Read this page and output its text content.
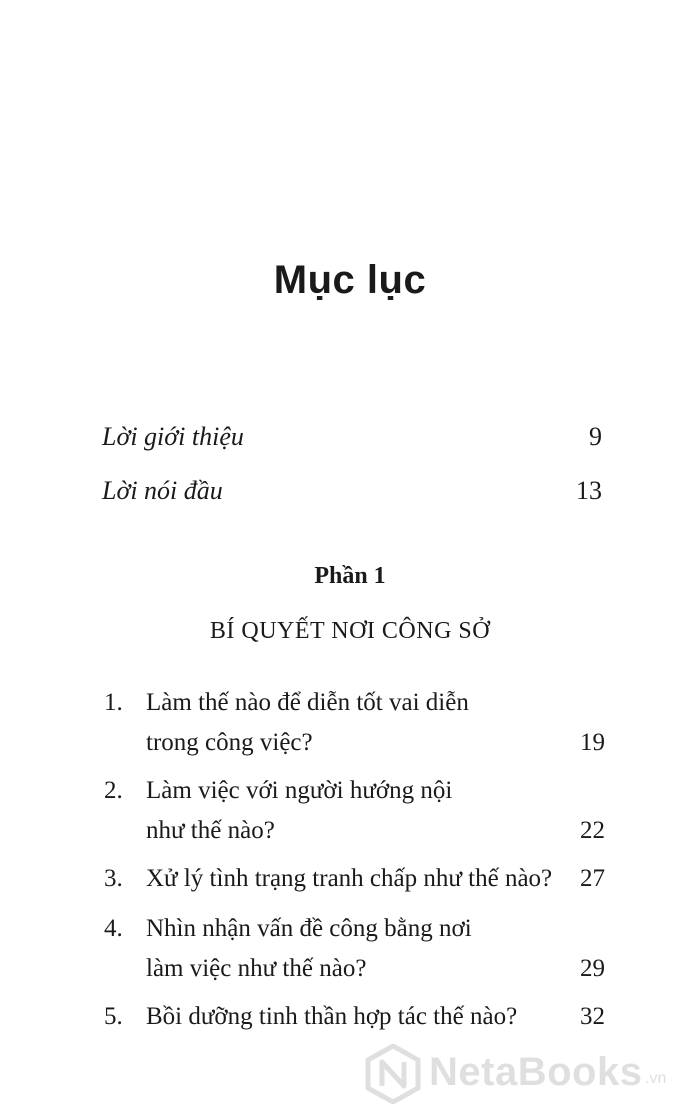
Mục lục
Lời giới thiệu	9
Lời nói đầu	13
Phần 1
BÍ QUYẾT NƠI CÔNG SỞ
1. Làm thế nào để diễn tốt vai diễn
trong công việc?	19
2. Làm việc với người hướng nội
như thế nào?	22
3. Xử lý tình trạng tranh chấp như thế nào?	27
4. Nhìn nhận vấn đề công bằng nơi
làm việc như thế nào?	29
5. Bồi dưỡng tinh thần hợp tác thế nào?	32
NetaBooks .vn
